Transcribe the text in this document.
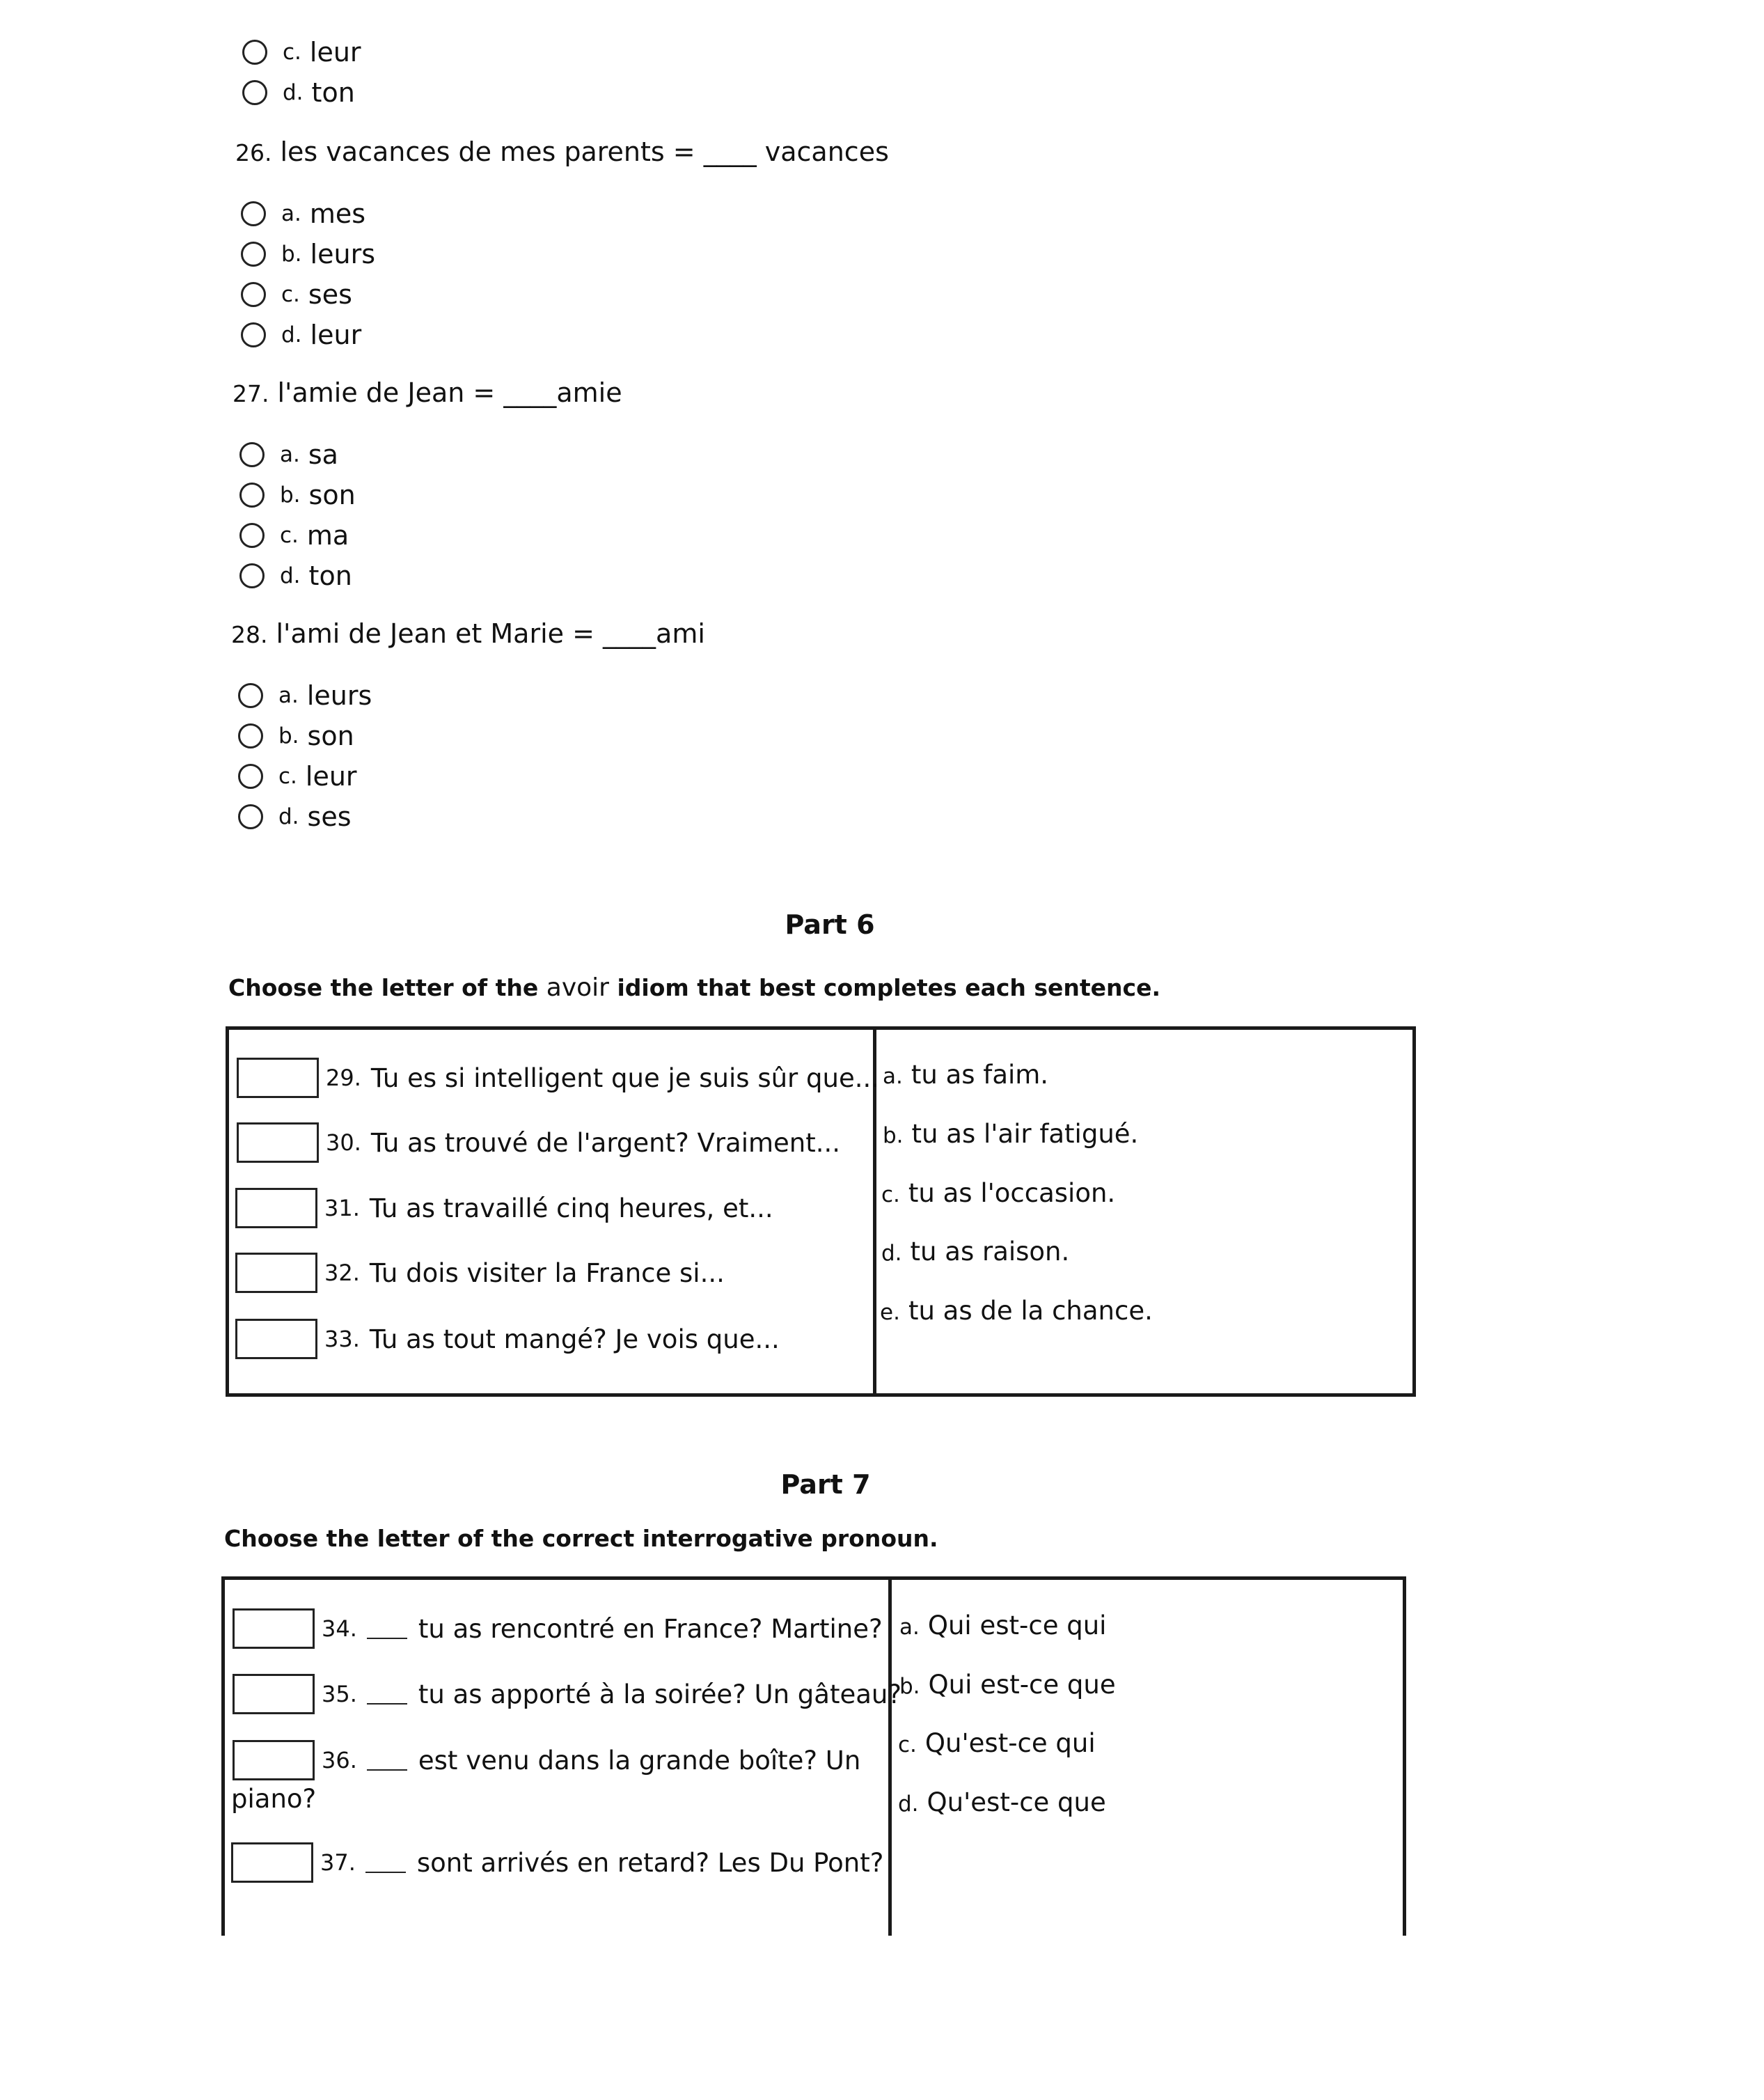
c. leur
d. ton
26. les vacances de mes parents = ____ vacances
a. mes
b. leurs
c. ses
d. leur
27. l'amie de Jean = ____amie
a. sa
b. son
c. ma
d. ton
28. l'ami de Jean et Marie = ____ami
a. leurs
b. son
c. leur
d. ses
Part 6
Choose the letter of the avoir idiom that best completes each sentence.
29. Tu es si intelligent que je suis sûr que...
30. Tu as trouvé de l'argent? Vraiment...
31. Tu as travaillé cinq heures, et...
32. Tu dois visiter la France si...
33. Tu as tout mangé? Je vois que...
a. tu as faim.
b. tu as l'air fatigué.
c. tu as l'occasion.
d. tu as raison.
e. tu as de la chance.
Part 7
Choose the letter of the correct interrogative pronoun.
34. tu as rencontré en France? Martine?
35. tu as apporté à la soirée? Un gâteau?
36. est venu dans la grande boîte? Un
piano?
37. sont arrivés en retard? Les Du Pont?
a. Qui est-ce qui
b. Qui est-ce que
c. Qu'est-ce qui
d. Qu'est-ce que
